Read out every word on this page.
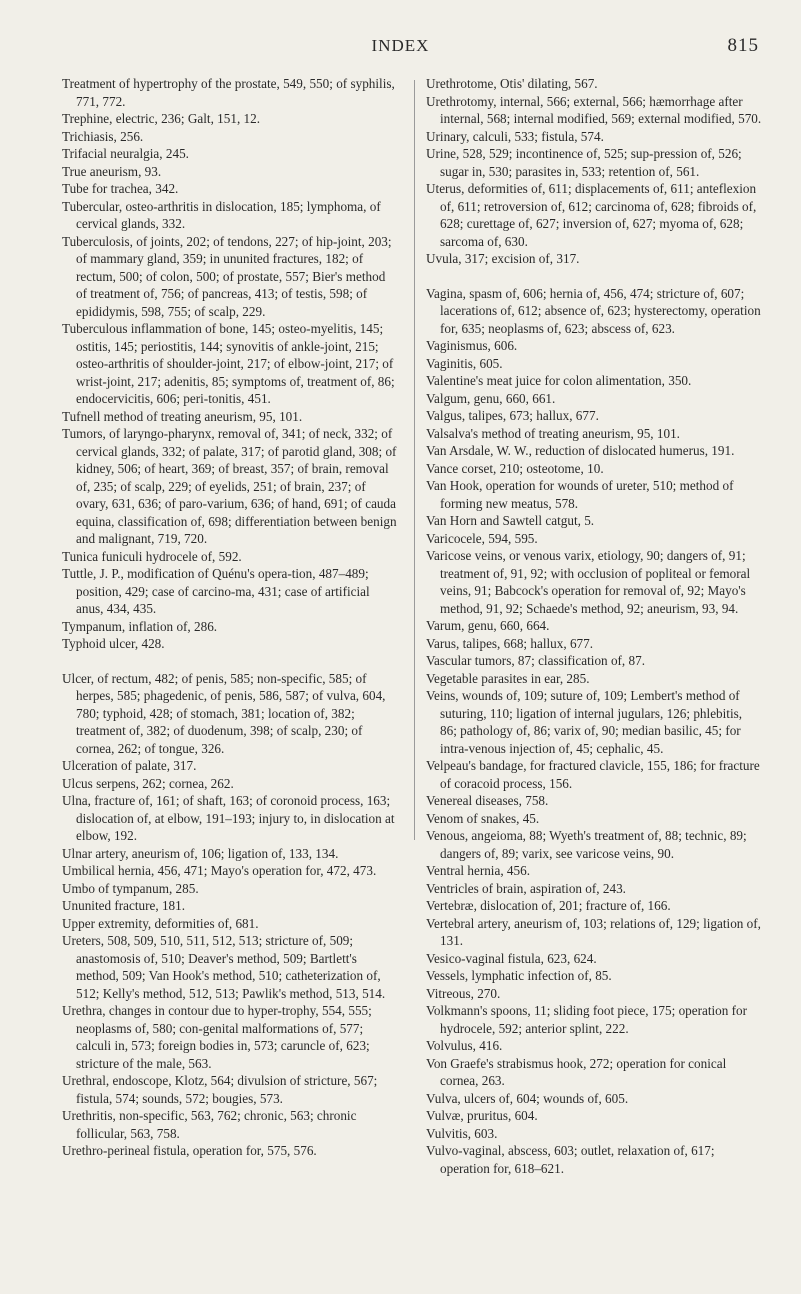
INDEX	815

Treatment of hypertrophy of the prostate, 549, 550; of syphilis, 771, 772.

Trephine, electric, 236; Galt, 151, 12.

Trichiasis, 256.

Trifacial neuralgia, 245.

True aneurism, 93.

Tube for trachea, 342.

Tubercular, osteo-arthritis in dislocation, 185; lymphoma, of cervical glands, 332.

Tuberculosis, of joints, 202; of tendons, 227; of hip-joint, 203; of mammary gland, 359; in ununited fractures, 182; of rectum, 500; of colon, 500; of prostate, 557; Bier's method of treatment of, 756; of pancreas, 413; of testis, 598; of epididymis, 598, 755; of scalp, 229.

Tuberculous inflammation of bone, 145; osteo-myelitis, 145; ostitis, 145; periostitis, 144; synovitis of ankle-joint, 215; osteo-arthritis of shoulder-joint, 217; of elbow-joint, 217; of wrist-joint, 217; adenitis, 85; symptoms of, treatment of, 86; endocervicitis, 606; peri-tonitis, 451.

Tufnell method of treating aneurism, 95, 101.

Tumors, of laryngo-pharynx, removal of, 341; of neck, 332; of cervical glands, 332; of palate, 317; of parotid gland, 308; of kidney, 506; of heart, 369; of breast, 357; of brain, removal of, 235; of scalp, 229; of eyelids, 251; of brain, 237; of ovary, 631, 636; of paro-varium, 636; of hand, 691; of cauda equina, classification of, 698; differentiation between benign and malignant, 719, 720.

Tunica funiculi hydrocele of, 592.

Tuttle, J. P., modification of Quénu's opera-tion, 487–489; position, 429; case of carcino-ma, 431; case of artificial anus, 434, 435.

Tympanum, inflation of, 286.

Typhoid ulcer, 428.

Ulcer, of rectum, 482; of penis, 585; non-specific, 585; of herpes, 585; phagedenic, of penis, 586, 587; of vulva, 604, 780; typhoid, 428; of stomach, 381; location of, 382; treatment of, 382; of duodenum, 398; of scalp, 230; of cornea, 262; of tongue, 326.

Ulceration of palate, 317.

Ulcus serpens, 262; cornea, 262.

Ulna, fracture of, 161; of shaft, 163; of coronoid process, 163; dislocation of, at elbow, 191–193; injury to, in dislocation at elbow, 192.

Ulnar artery, aneurism of, 106; ligation of, 133, 134.

Umbilical hernia, 456, 471; Mayo's operation for, 472, 473.

Umbo of tympanum, 285.

Ununited fracture, 181.

Upper extremity, deformities of, 681.

Ureters, 508, 509, 510, 511, 512, 513; stricture of, 509; anastomosis of, 510; Deaver's method, 509; Bartlett's method, 509; Van Hook's method, 510; catheterization of, 512; Kelly's method, 512, 513; Pawlik's method, 513, 514.

Urethra, changes in contour due to hyper-trophy, 554, 555; neoplasms of, 580; con-genital malformations of, 577; calculi in, 573; foreign bodies in, 573; caruncle of, 623; stricture of the male, 563.

Urethral, endoscope, Klotz, 564; divulsion of stricture, 567; fistula, 574; sounds, 572; bougies, 573.

Urethritis, non-specific, 563, 762; chronic, 563; chronic follicular, 563, 758.

Urethro-perineal fistula, operation for, 575, 576.

Urethrotome, Otis' dilating, 567.

Urethrotomy, internal, 566; external, 566; hæmorrhage after internal, 568; internal modified, 569; external modified, 570.

Urinary, calculi, 533; fistula, 574.

Urine, 528, 529; incontinence of, 525; sup-pression of, 526; sugar in, 530; parasites in, 533; retention of, 561.

Uterus, deformities of, 611; displacements of, 611; anteflexion of, 611; retroversion of, 612; carcinoma of, 628; fibroids of, 628; curettage of, 627; inversion of, 627; myoma of, 628; sarcoma of, 630.

Uvula, 317; excision of, 317.

Vagina, spasm of, 606; hernia of, 456, 474; stricture of, 607; lacerations of, 612; absence of, 623; hysterectomy, operation for, 635; neoplasms of, 623; abscess of, 623.

Vaginismus, 606.

Vaginitis, 605.

Valentine's meat juice for colon alimentation, 350.

Valgum, genu, 660, 661.

Valgus, talipes, 673; hallux, 677.

Valsalva's method of treating aneurism, 95, 101.

Van Arsdale, W. W., reduction of dislocated humerus, 191.

Vance corset, 210; osteotome, 10.

Van Hook, operation for wounds of ureter, 510; method of forming new meatus, 578.

Van Horn and Sawtell catgut, 5.

Varicocele, 594, 595.

Varicose veins, or venous varix, etiology, 90; dangers of, 91; treatment of, 91, 92; with occlusion of popliteal or femoral veins, 91; Babcock's operation for removal of, 92; Mayo's method, 91, 92; Schaede's method, 92; aneurism, 93, 94.

Varum, genu, 660, 664.

Varus, talipes, 668; hallux, 677.

Vascular tumors, 87; classification of, 87.

Vegetable parasites in ear, 285.

Veins, wounds of, 109; suture of, 109; Lembert's method of suturing, 110; ligation of internal jugulars, 126; phlebitis, 86; pathology of, 86; varix of, 90; median basilic, 45; for intra-venous injection of, 45; cephalic, 45.

Velpeau's bandage, for fractured clavicle, 155, 186; for fracture of coracoid process, 156.

Venereal diseases, 758.

Venom of snakes, 45.

Venous, angeioma, 88; Wyeth's treatment of, 88; technic, 89; dangers of, 89; varix, see varicose veins, 90.

Ventral hernia, 456.

Ventricles of brain, aspiration of, 243.

Vertebræ, dislocation of, 201; fracture of, 166.

Vertebral artery, aneurism of, 103; relations of, 129; ligation of, 131.

Vesico-vaginal fistula, 623, 624.

Vessels, lymphatic infection of, 85.

Vitreous, 270.

Volkmann's spoons, 11; sliding foot piece, 175; operation for hydrocele, 592; anterior splint, 222.

Volvulus, 416.

Von Graefe's strabismus hook, 272; operation for conical cornea, 263.

Vulva, ulcers of, 604; wounds of, 605.

Vulvæ, pruritus, 604.

Vulvitis, 603.

Vulvo-vaginal, abscess, 603; outlet, relaxation of, 617; operation for, 618–621.
